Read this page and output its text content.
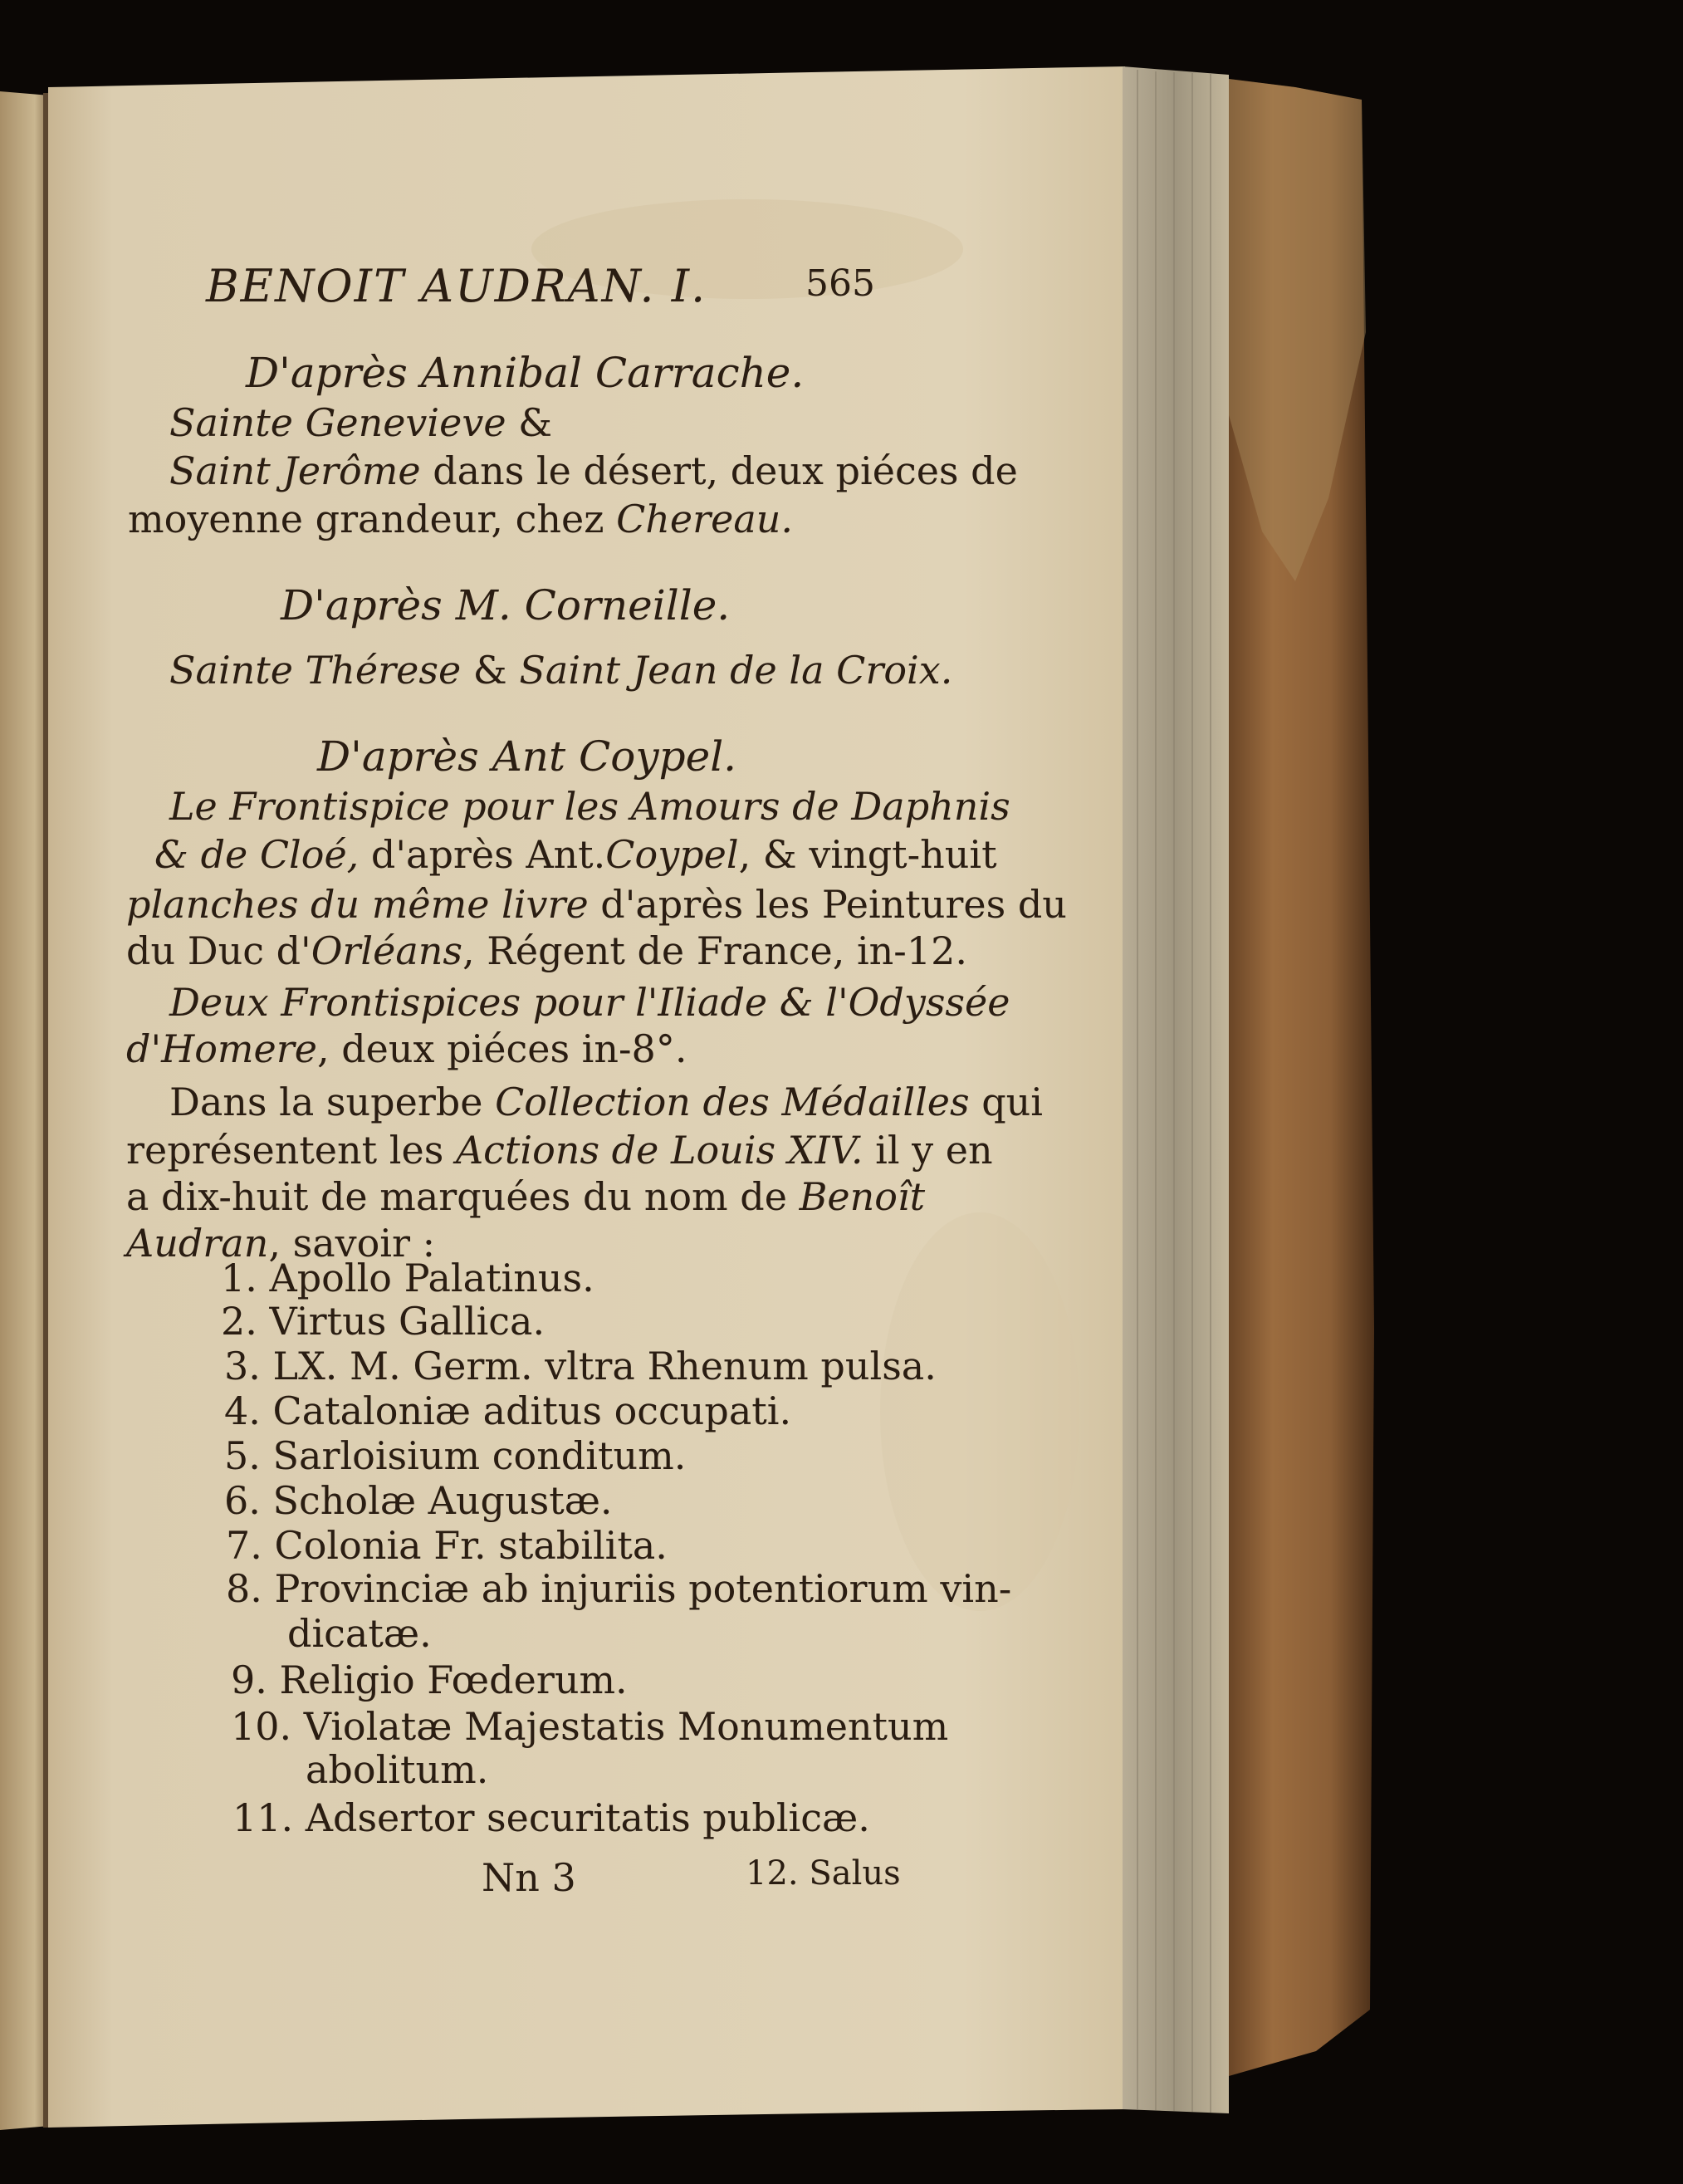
BENOIT AUDRAN. I.	565
D'après Annibal Carrache.
Sainte Genevieve &
Saint Jerôme dans le désert, deux piéces de
moyenne grandeur, chez Chereau.
D'après M. Corneille.
Sainte Thérese & Saint Jean de la Croix.
D'après Ant Coypel.
Le Frontispice pour les Amours de Daphnis
& de Cloé, d'après Ant.Coypel, & vingt-huit
planches du même livre d'après les Peintures du
du Duc d'Orléans, Régent de France, in-12.
Deux Frontispices pour l'Iliade & l'Odyssée
d'Homere, deux piéces in-8°.
Dans la superbe Collection des Médailles qui
représentent les Actions de Louis XIV. il y en
a dix-huit de marquées du nom de Benoît
Audran, savoir :
1. Apollo Palatinus.
2. Virtus Gallica.
3. LX. M. Germ. vltra Rhenum pulsa.
4. Cataloniæ aditus occupati.
5. Sarloisium conditum.
6. Scholæ Augustæ.
7. Colonia Fr. stabilita.
8. Provinciæ ab injuriis potentiorum vin-
dicatæ.
9. Religio Fœderum.
10. Violatæ Majestatis Monumentum
abolitum.
11. Adsertor securitatis publicæ.
Nn 3	12. Salus
